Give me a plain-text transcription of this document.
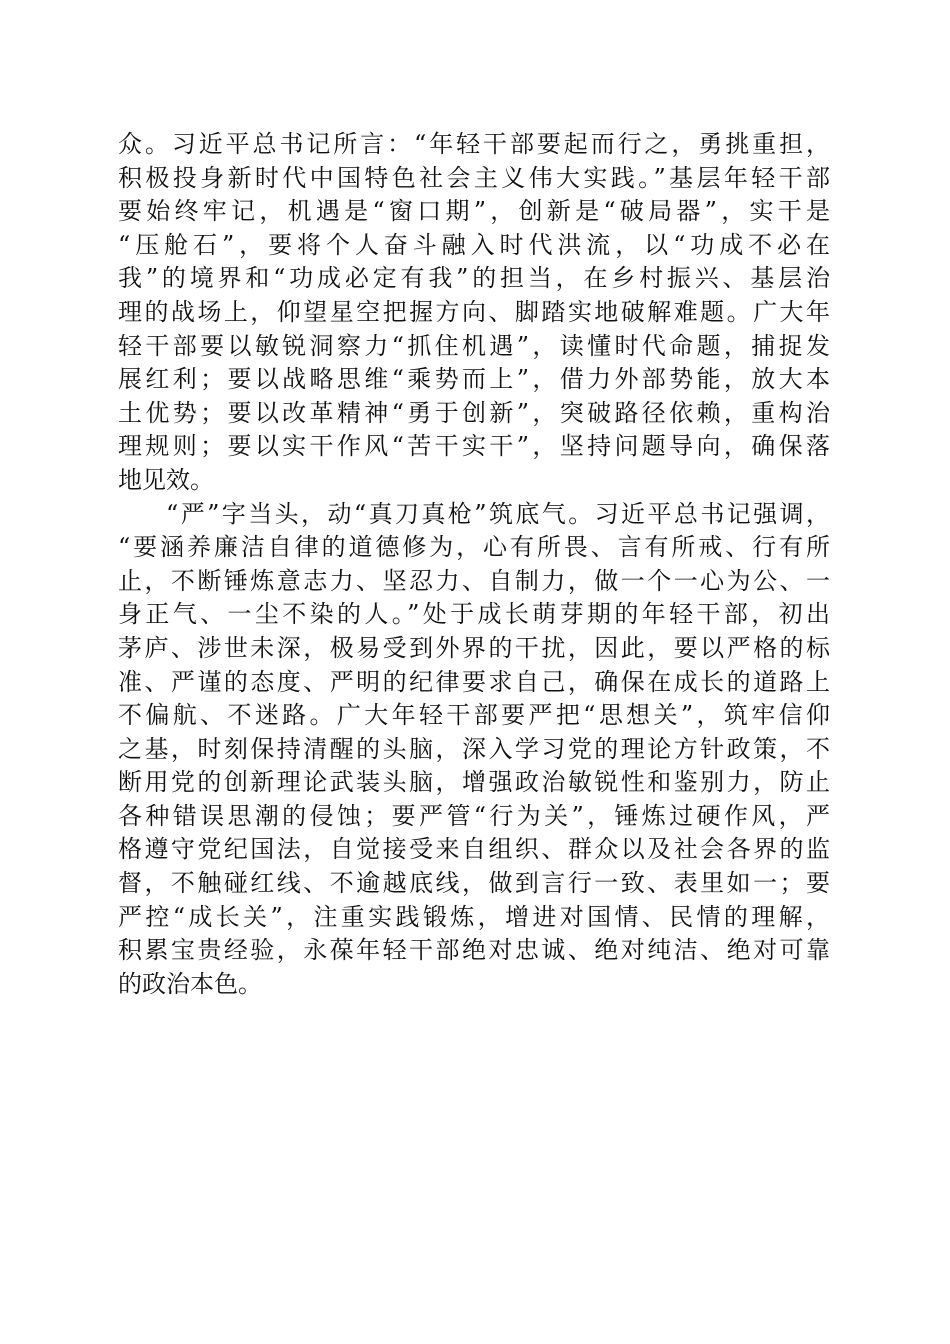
众。习近平总书记所言：“年轻干部要起而行之，勇挑重担，
积极投身新时代中国特色社会主义伟大实践。”基层年轻干部
要始终牢记，机遇是“窗口期”，创新是“破局器”，实干是
“压舱石”，要将个人奋斗融入时代洪流，以“功成不必在
我”的境界和“功成必定有我”的担当，在乡村振兴、基层治
理的战场上，仰望星空把握方向、脚踏实地破解难题。广大年
轻干部要以敏锐洞察力“抓住机遇”，读懂时代命题，捕捉发
展红利；要以战略思维“乘势而上”，借力外部势能，放大本
土优势；要以改革精神“勇于创新”，突破路径依赖，重构治
理规则；要以实干作风“苦干实干”，坚持问题导向，确保落
地见效。
“严”字当头，动“真刀真枪”筑底气。习近平总书记强调，
“要涵养廉洁自律的道德修为，心有所畏、言有所戒、行有所
止，不断锤炼意志力、坚忍力、自制力，做一个一心为公、一
身正气、一尘不染的人。”处于成长萌芽期的年轻干部，初出
茅庐、涉世未深，极易受到外界的干扰，因此，要以严格的标
准、严谨的态度、严明的纪律要求自己，确保在成长的道路上
不偏航、不迷路。广大年轻干部要严把“思想关”，筑牢信仰
之基，时刻保持清醒的头脑，深入学习党的理论方针政策，不
断用党的创新理论武装头脑，增强政治敏锐性和鉴别力，防止
各种错误思潮的侵蚀；要严管“行为关”，锤炼过硬作风，严
格遵守党纪国法，自觉接受来自组织、群众以及社会各界的监
督，不触碰红线、不逾越底线，做到言行一致、表里如一；要
严控“成长关”，注重实践锻炼，增进对国情、民情的理解，
积累宝贵经验，永葆年轻干部绝对忠诚、绝对纯洁、绝对可靠
的政治本色。
